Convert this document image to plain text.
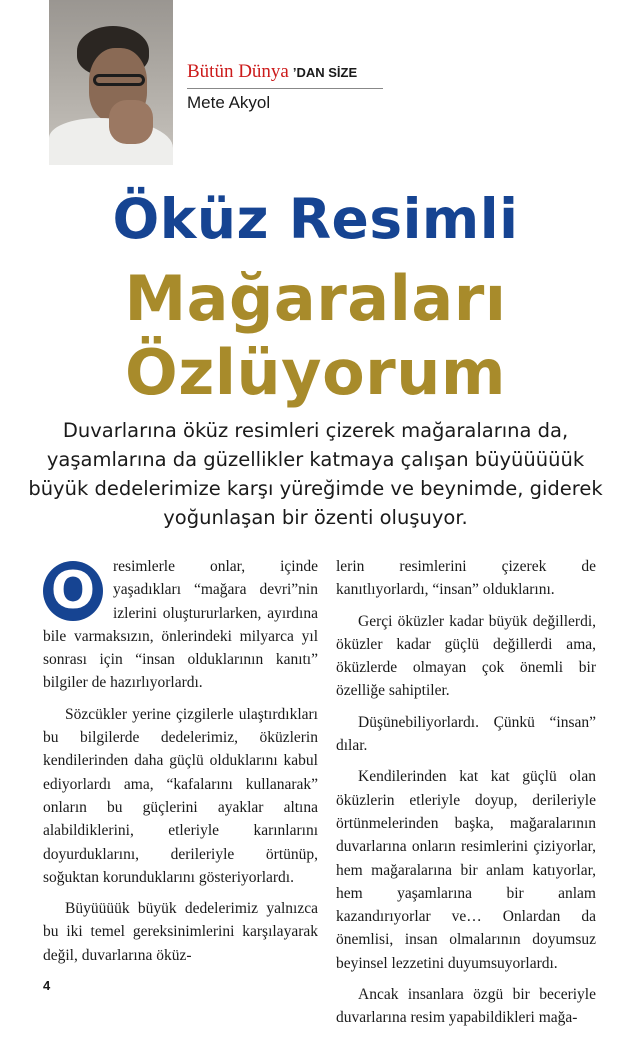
Bütün Dünya ’DAN SİZE
Mete Akyol
Öküz Resimli
Mağaraları
Özlüyorum

Duvarlarına öküz resimleri çizerek mağaralarına da, yaşamlarına da güzellikler katmaya çalışan büyüüüüük büyük dedelerimize karşı yüreğimde ve beynimde, giderek yoğunlaşan bir özenti oluşuyor.

O	resimlerle onlar, içinde yaşadıkları “mağara devri”nin izlerini oluştururlarken, ayırdına bile varmaksızın, önlerindeki milyarca yıl sonrası için “insan olduklarının kanıtı” bilgiler de hazırlıyorlardı.

Sözcükler yerine çizgilerle ulaştırdıkları bu bilgilerde dedelerimiz, öküzlerin kendilerinden daha güçlü olduklarını kabul ediyorlardı ama, “kafalarını kullanarak” onların bu güçlerini ayaklar altına alabildiklerini, etleriyle karınlarını doyurduklarını, derileriyle örtünüp, soğuktan korunduklarını gösteriyorlardı.

Büyüüüük büyük dedelerimiz yalnızca bu iki temel gereksinimlerini karşılayarak değil, duvarlarına öküz-

lerin resimlerini çizerek de kanıtlıyorlardı, “insan” olduklarını.

Gerçi öküzler kadar büyük değillerdi, öküzler kadar güçlü değillerdi ama, öküzlerde olmayan çok önemli bir özelliğe sahiptiler.

Düşünebiliyorlardı. Çünkü “insan” dılar.

Kendilerinden kat kat güçlü olan öküzlerin etleriyle doyup, derileriyle örtünmelerinden başka, mağaralarının duvarlarına onların resimlerini çiziyorlar, hem mağaralarına bir anlam katıyorlar, hem yaşamlarına bir anlam kazandırıyorlar ve… Onlardan da önemlisi, insan olmalarının doyumsuz beyinsel lezzetini duyumsuyorlardı.

Ancak insanlara özgü bir beceriyle duvarlarına resim yapabildikleri mağa-

4
